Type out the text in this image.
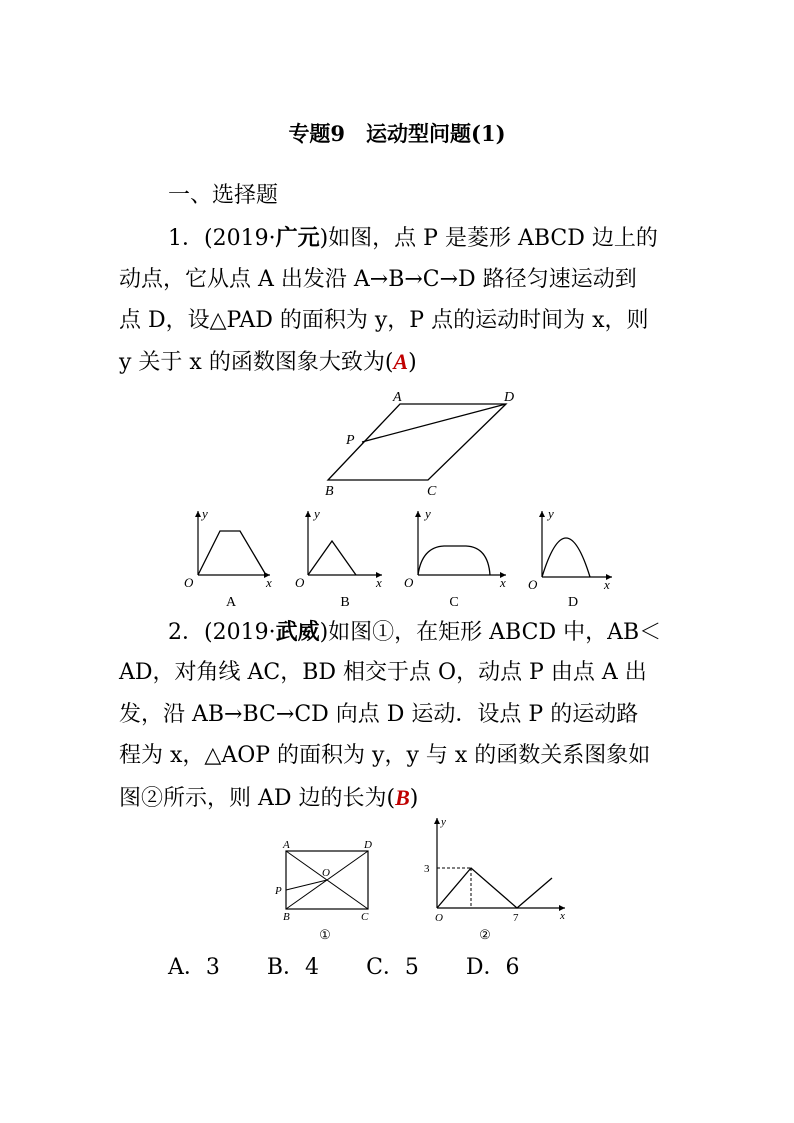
专题9　运动型问题(1)
一、选择题
1．(2019·广元)如图，点 P 是菱形 ABCD 边上的
动点，它从点 A 出发沿 A→B→C→D 路径匀速运动到
点 D，设△PAD 的面积为 y，P 点的运动时间为 x，则
y 关于 x 的函数图象大致为(A)
A	D
P
B	C
y
x
O
A
y
x
O
B
y
x
O
C
y
x
O
D
2．(2019·武威)如图①，在矩形 ABCD 中，AB＜
AD，对角线 AC，BD 相交于点 O，动点 P 由点 A 出
发，沿 AB→BC→CD 向点 D 运动．设点 P 的运动路
程为 x，△AOP 的面积为 y，y 与 x 的函数关系图象如
图②所示，则 AD 边的长为(B)
A	D
O
P
B	C
①
y
x
O
3
7
②
A．3 B．4 C．5 D．6
